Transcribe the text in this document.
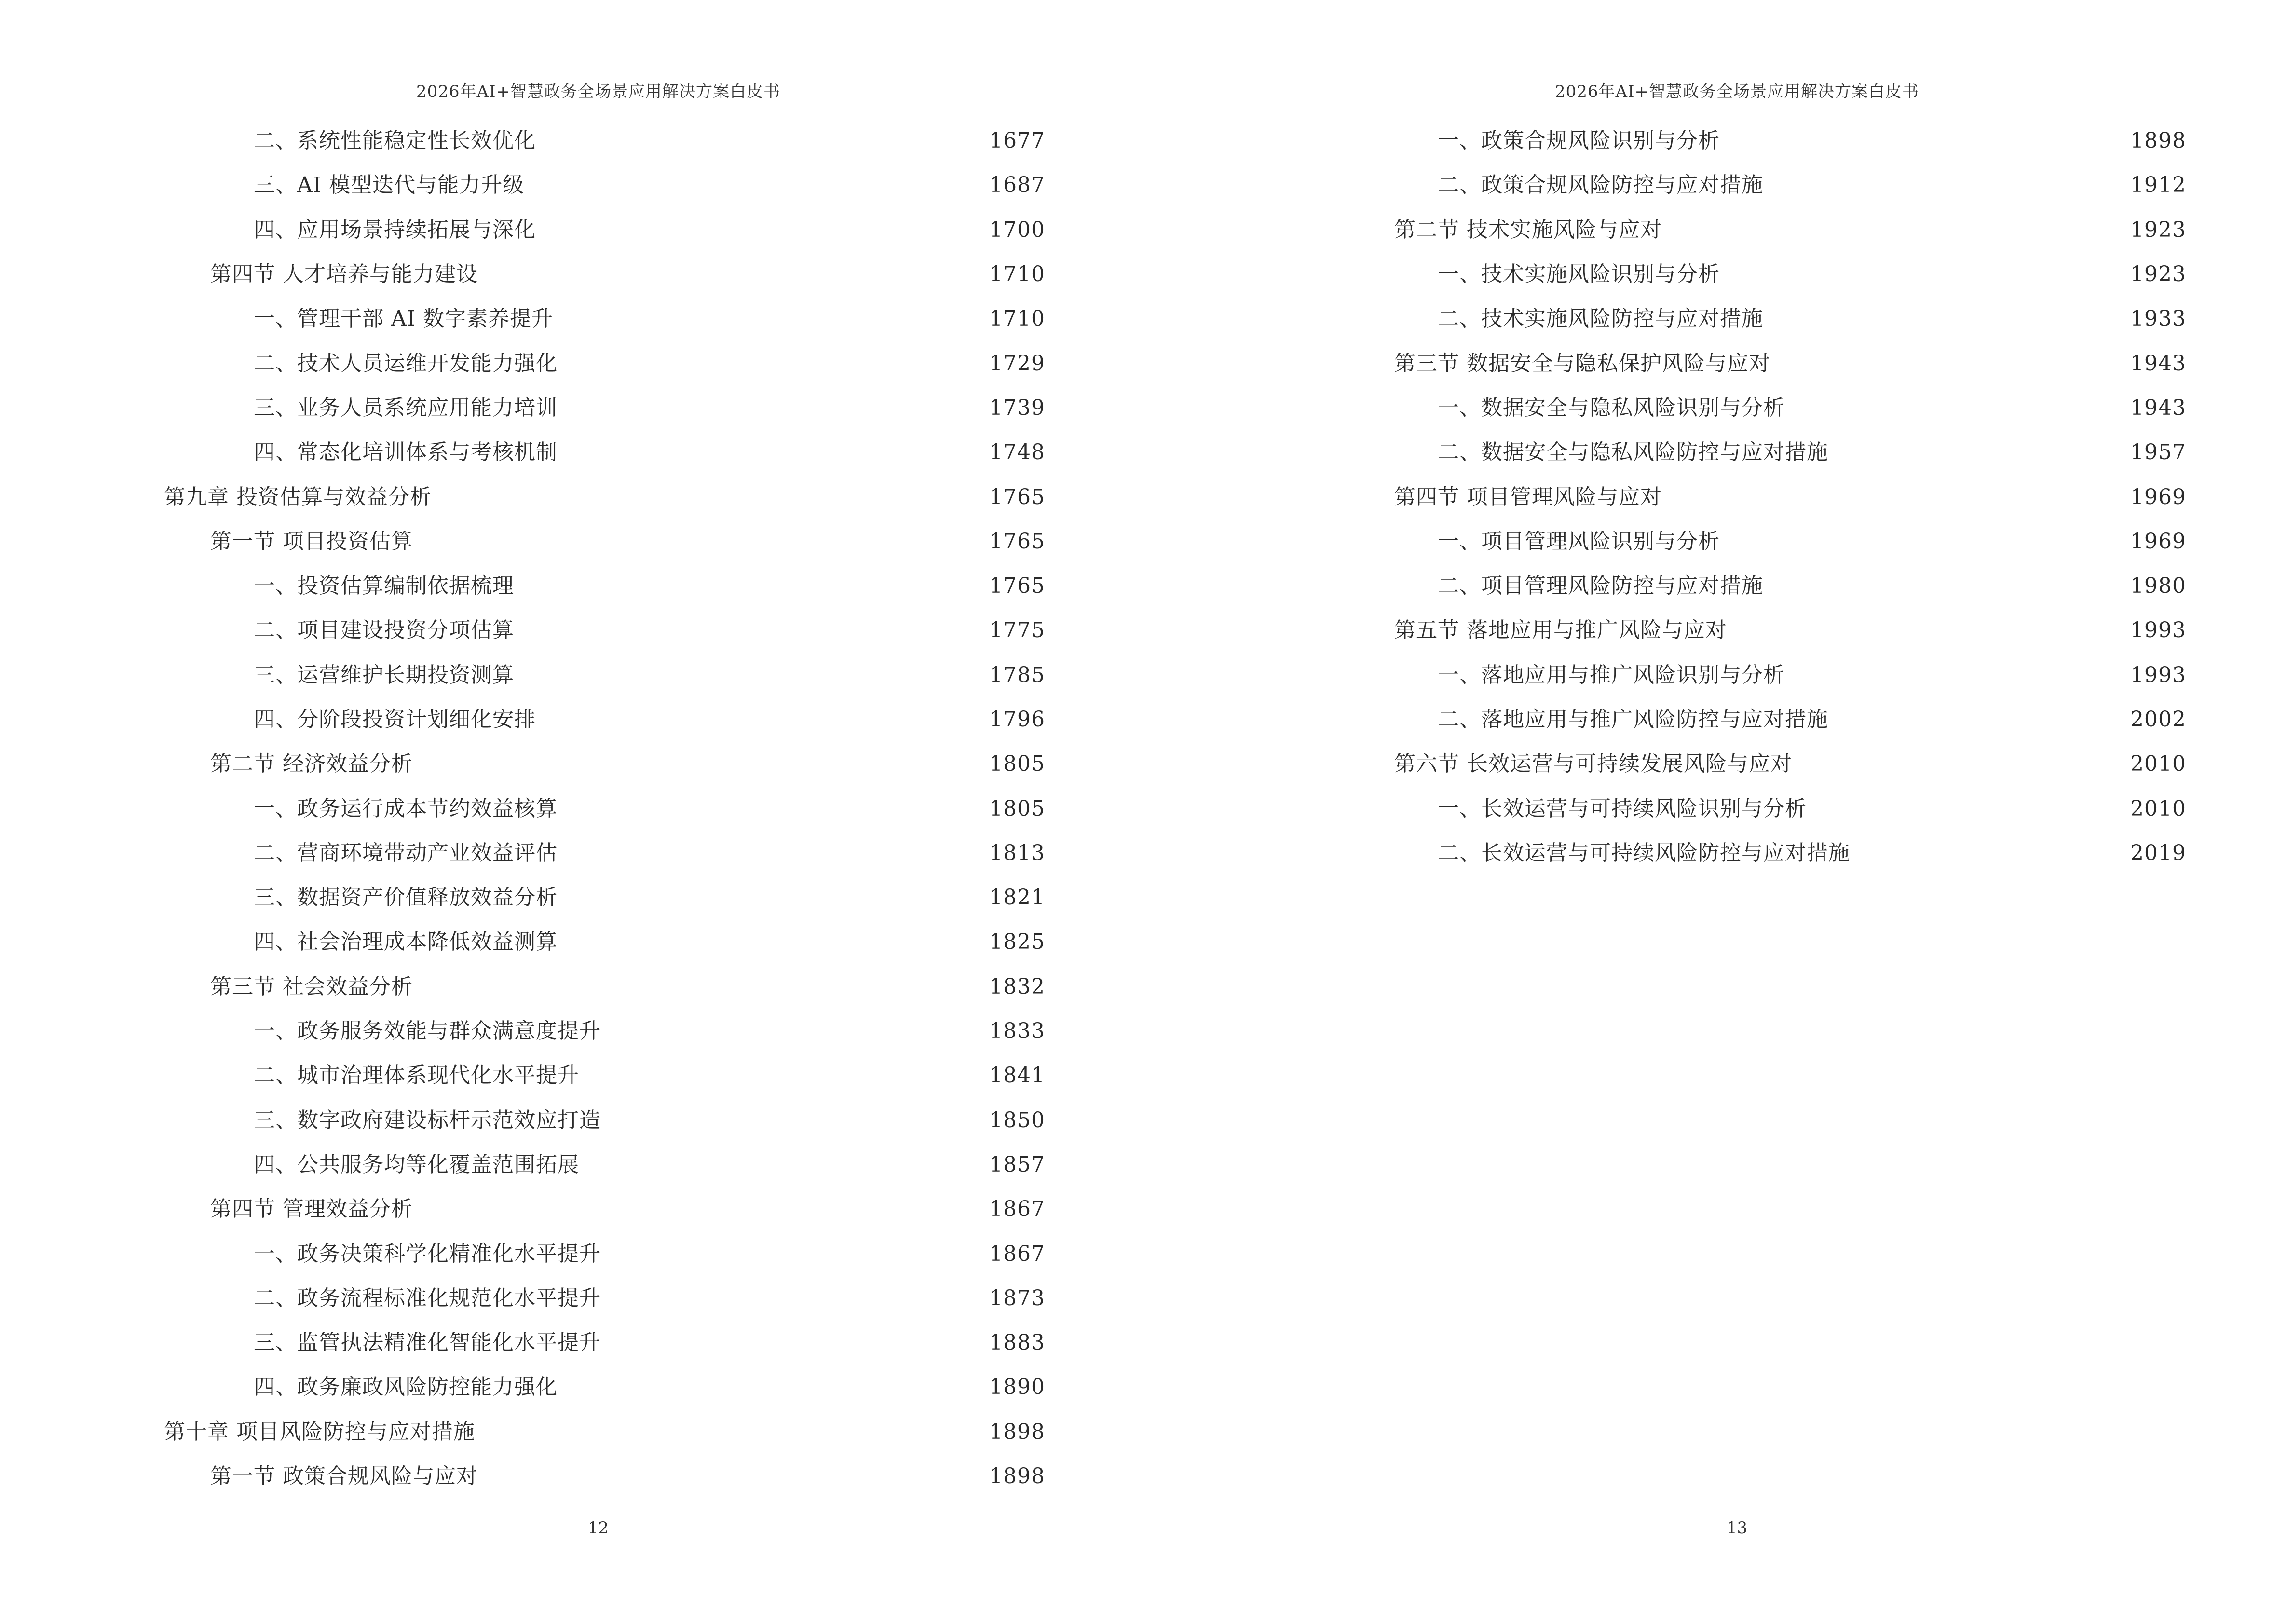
2026年AI+智慧政务全场景应用解决方案白皮书
二、系统性能稳定性长效优化	1677
三、AI 模型迭代与能力升级	1687
四、应用场景持续拓展与深化	1700
第四节 人才培养与能力建设	1710
一、管理干部 AI 数字素养提升	1710
二、技术人员运维开发能力强化	1729
三、业务人员系统应用能力培训	1739
四、常态化培训体系与考核机制	1748
第九章 投资估算与效益分析	1765
第一节 项目投资估算	1765
一、投资估算编制依据梳理	1765
二、项目建设投资分项估算	1775
三、运营维护长期投资测算	1785
四、分阶段投资计划细化安排	1796
第二节 经济效益分析	1805
一、政务运行成本节约效益核算	1805
二、营商环境带动产业效益评估	1813
三、数据资产价值释放效益分析	1821
四、社会治理成本降低效益测算	1825
第三节 社会效益分析	1832
一、政务服务效能与群众满意度提升	1833
二、城市治理体系现代化水平提升	1841
三、数字政府建设标杆示范效应打造	1850
四、公共服务均等化覆盖范围拓展	1857
第四节 管理效益分析	1867
一、政务决策科学化精准化水平提升	1867
二、政务流程标准化规范化水平提升	1873
三、监管执法精准化智能化水平提升	1883
四、政务廉政风险防控能力强化	1890
第十章 项目风险防控与应对措施	1898
第一节 政策合规风险与应对	1898
12
2026年AI+智慧政务全场景应用解决方案白皮书
一、政策合规风险识别与分析	1898
二、政策合规风险防控与应对措施	1912
第二节 技术实施风险与应对	1923
一、技术实施风险识别与分析	1923
二、技术实施风险防控与应对措施	1933
第三节 数据安全与隐私保护风险与应对	1943
一、数据安全与隐私风险识别与分析	1943
二、数据安全与隐私风险防控与应对措施	1957
第四节 项目管理风险与应对	1969
一、项目管理风险识别与分析	1969
二、项目管理风险防控与应对措施	1980
第五节 落地应用与推广风险与应对	1993
一、落地应用与推广风险识别与分析	1993
二、落地应用与推广风险防控与应对措施	2002
第六节 长效运营与可持续发展风险与应对	2010
一、长效运营与可持续风险识别与分析	2010
二、长效运营与可持续风险防控与应对措施	2019
13
